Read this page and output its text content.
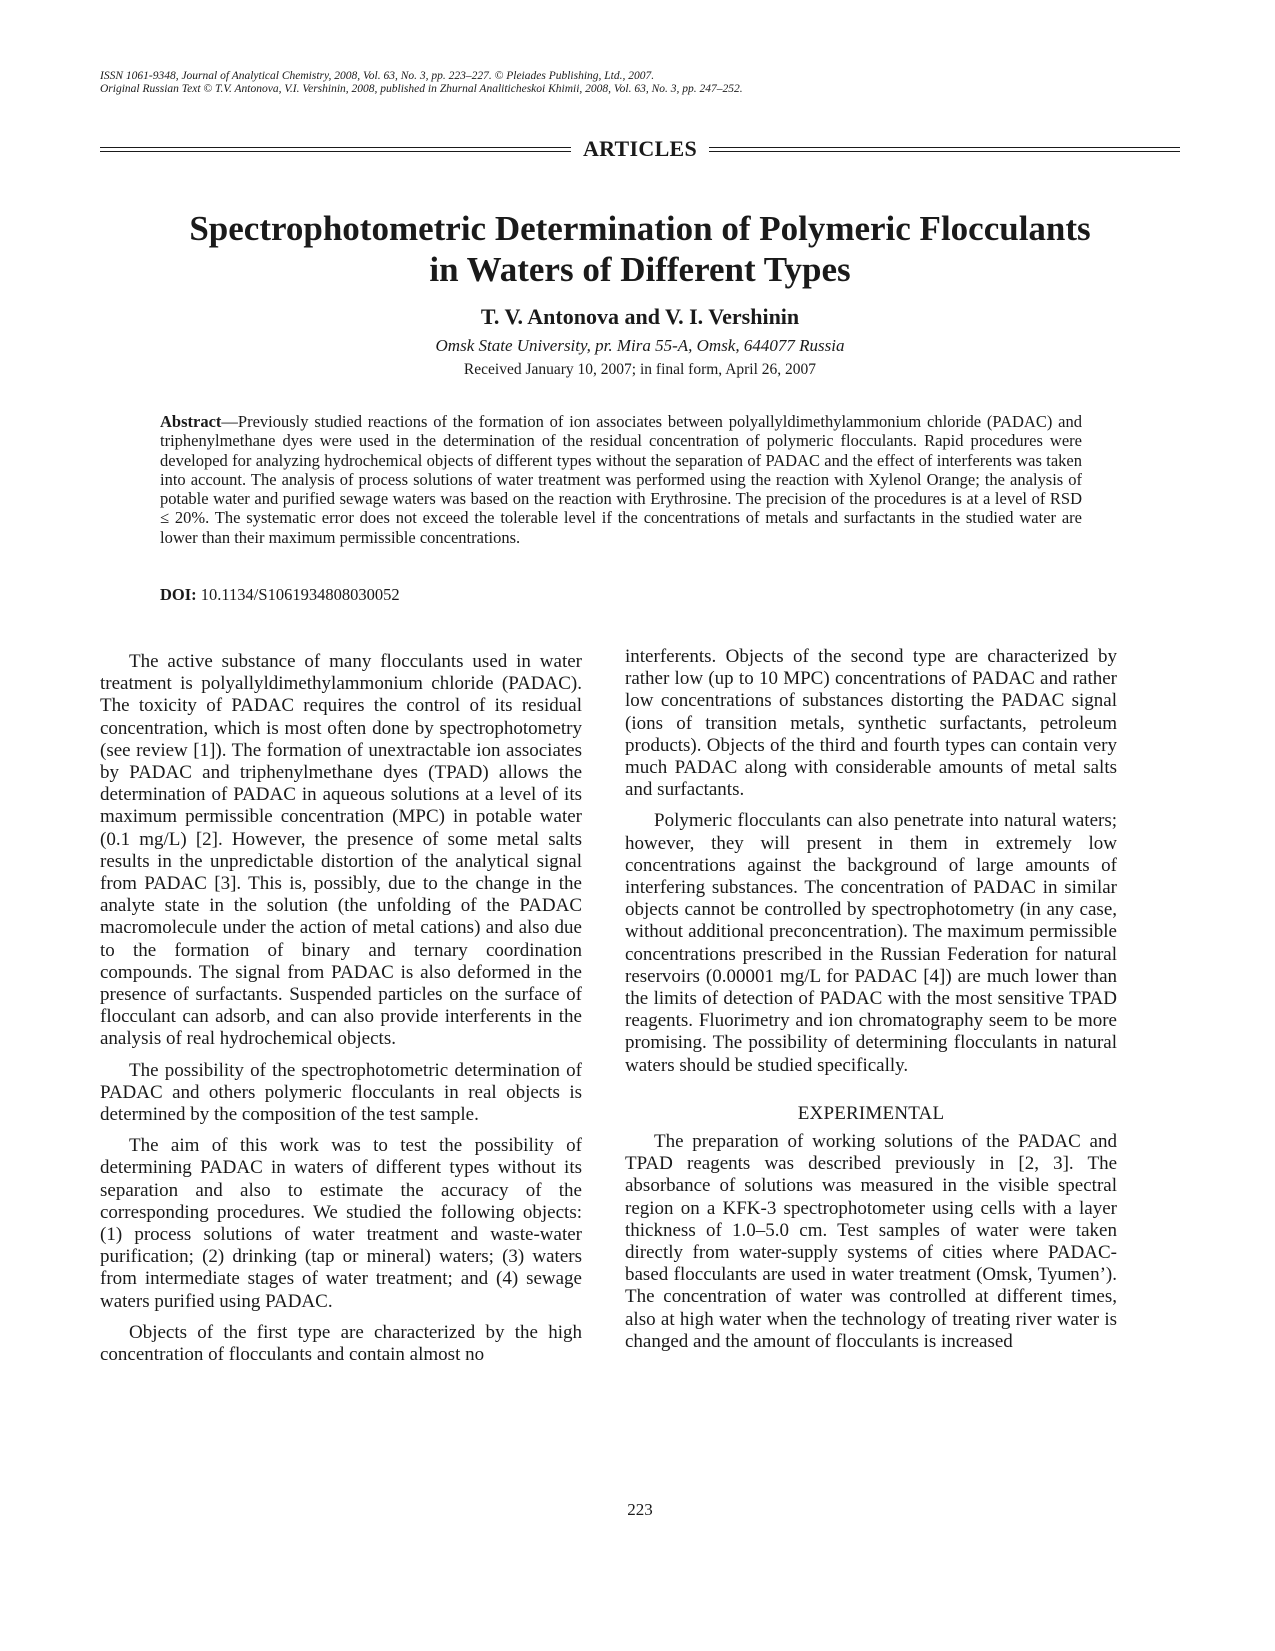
ISSN 1061-9348, Journal of Analytical Chemistry, 2008, Vol. 63, No. 3, pp. 223–227. © Pleiades Publishing, Ltd., 2007.
Original Russian Text © T.V. Antonova, V.I. Vershinin, 2008, published in Zhurnal Analiticheskoi Khimii, 2008, Vol. 63, No. 3, pp. 247–252.
ARTICLES
Spectrophotometric Determination of Polymeric Flocculants
in Waters of Different Types
T. V. Antonova and V. I. Vershinin
Omsk State University, pr. Mira 55-A, Omsk, 644077 Russia
Received January 10, 2007; in final form, April 26, 2007
Abstract—Previously studied reactions of the formation of ion associates between polyallyldimethylammonium chloride (PADAC) and triphenylmethane dyes were used in the determination of the residual concentration of polymeric flocculants. Rapid procedures were developed for analyzing hydrochemical objects of different types without the separation of PADAC and the effect of interferents was taken into account. The analysis of process solutions of water treatment was performed using the reaction with Xylenol Orange; the analysis of potable water and purified sewage waters was based on the reaction with Erythrosine. The precision of the procedures is at a level of RSD ≤ 20%. The systematic error does not exceed the tolerable level if the concentrations of metals and surfactants in the studied water are lower than their maximum permissible concentrations.
DOI: 10.1134/S1061934808030052

The active substance of many flocculants used in water treatment is polyallyldimethylammonium chloride (PADAC). The toxicity of PADAC requires the control of its residual concentration, which is most often done by spectrophotometry (see review [1]). The formation of unextractable ion associates by PADAC and triphenylmethane dyes (TPAD) allows the determination of PADAC in aqueous solutions at a level of its maximum permissible concentration (MPC) in potable water (0.1 mg/L) [2]. However, the presence of some metal salts results in the unpredictable distortion of the analytical signal from PADAC [3]. This is, possibly, due to the change in the analyte state in the solution (the unfolding of the PADAC macromolecule under the action of metal cations) and also due to the formation of binary and ternary coordination compounds. The signal from PADAC is also deformed in the presence of surfactants. Suspended particles on the surface of flocculant can adsorb, and can also provide interferents in the analysis of real hydrochemical objects.

The possibility of the spectrophotometric determination of PADAC and others polymeric flocculants in real objects is determined by the composition of the test sample.

The aim of this work was to test the possibility of determining PADAC in waters of different types without its separation and also to estimate the accuracy of the corresponding procedures. We studied the following objects: (1) process solutions of water treatment and waste-water purification; (2) drinking (tap or mineral) waters; (3) waters from intermediate stages of water treatment; and (4) sewage waters purified using PADAC.

Objects of the first type are characterized by the high concentration of flocculants and contain almost no

interferents. Objects of the second type are characterized by rather low (up to 10 MPC) concentrations of PADAC and rather low concentrations of substances distorting the PADAC signal (ions of transition metals, synthetic surfactants, petroleum products). Objects of the third and fourth types can contain very much PADAC along with considerable amounts of metal salts and surfactants.

Polymeric flocculants can also penetrate into natural waters; however, they will present in them in extremely low concentrations against the background of large amounts of interfering substances. The concentration of PADAC in similar objects cannot be controlled by spectrophotometry (in any case, without additional preconcentration). The maximum permissible concentrations prescribed in the Russian Federation for natural reservoirs (0.00001 mg/L for PADAC [4]) are much lower than the limits of detection of PADAC with the most sensitive TPAD reagents. Fluorimetry and ion chromatography seem to be more promising. The possibility of determining flocculants in natural waters should be studied specifically.

EXPERIMENTAL

The preparation of working solutions of the PADAC and TPAD reagents was described previously in [2, 3]. The absorbance of solutions was measured in the visible spectral region on a KFK-3 spectrophotometer using cells with a layer thickness of 1.0–5.0 cm. Test samples of water were taken directly from water-supply systems of cities where PADAC-based flocculants are used in water treatment (Omsk, Tyumen’). The concentration of water was controlled at different times, also at high water when the technology of treating river water is changed and the amount of flocculants is increased

223
